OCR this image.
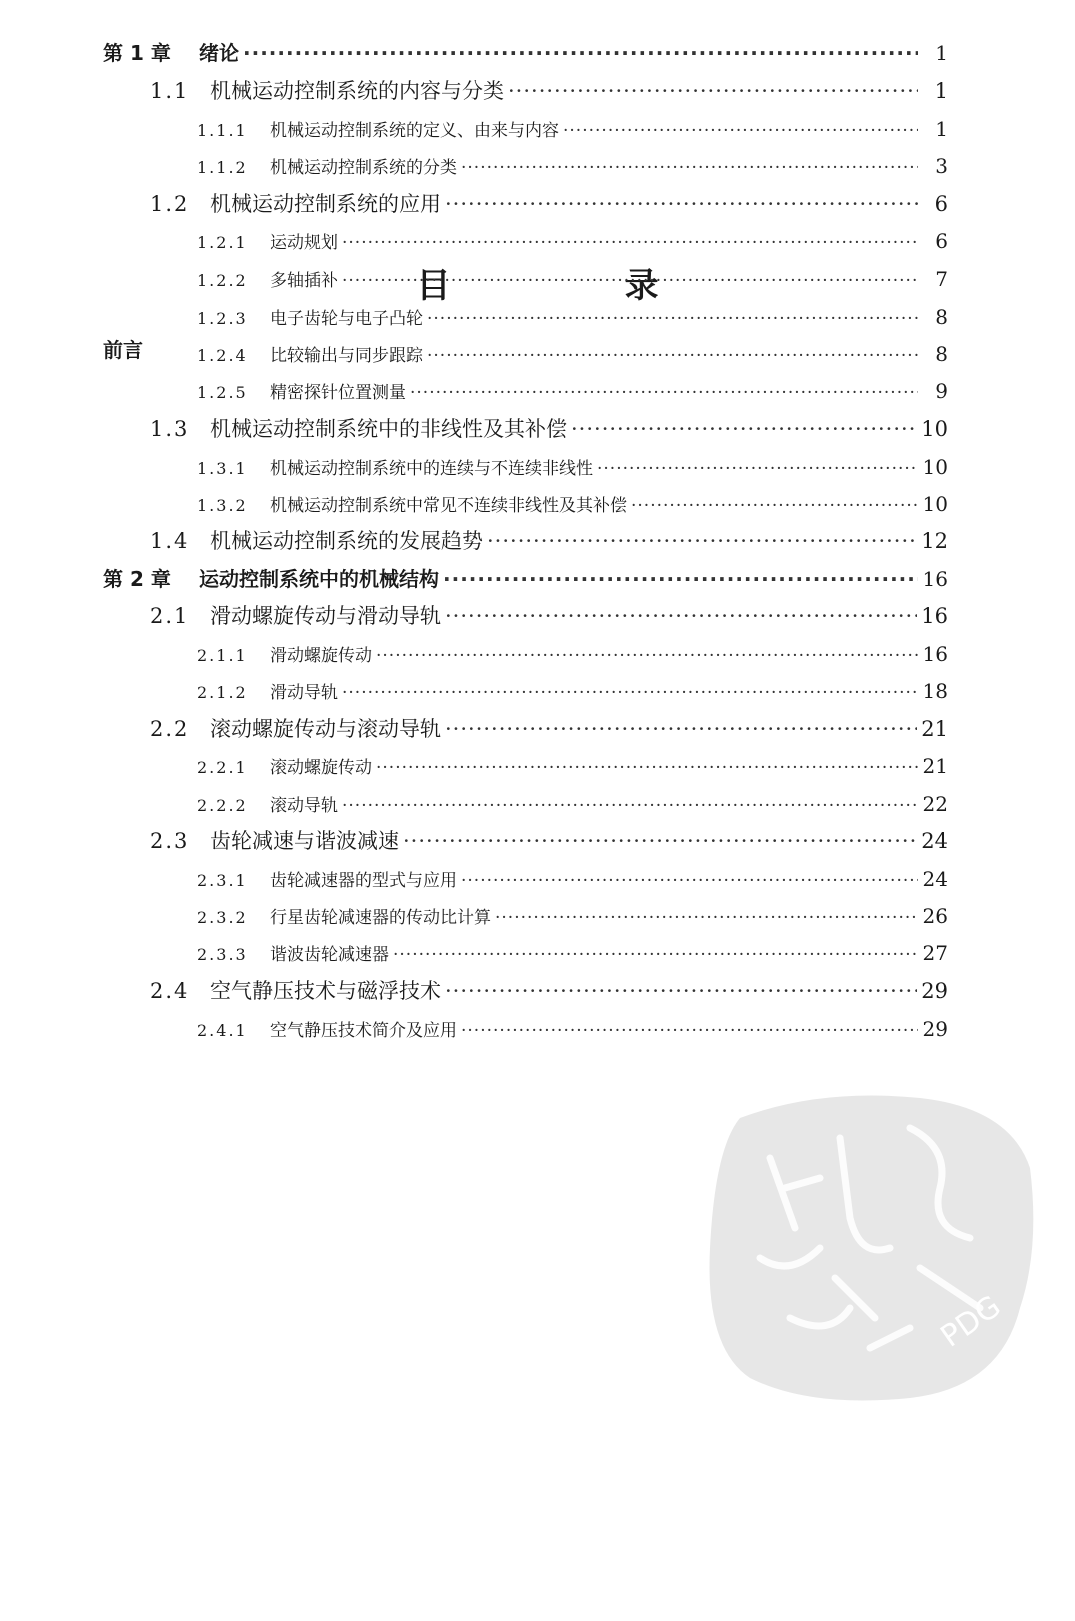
目　录
前言
第 1 章	绪论 ·····	1
1.1 机械运动控制系统的内容与分类 ·····	1
1.1.1	机械运动控制系统的定义、由来与内容 ·····	1
1.1.2	机械运动控制系统的分类 ·····	3
1.2 机械运动控制系统的应用 ·····	6
1.2.1	运动规划 ·····	6
1.2.2	多轴插补 ·····	7
1.2.3	电子齿轮与电子凸轮 ·····	8
1.2.4	比较输出与同步跟踪 ·····	8
1.2.5	精密探针位置测量 ·····	9
1.3 机械运动控制系统中的非线性及其补偿 ·····	10
1.3.1	机械运动控制系统中的连续与不连续非线性 ·····	10
1.3.2	机械运动控制系统中常见不连续非线性及其补偿 ·····	10
1.4 机械运动控制系统的发展趋势 ·····	12
第 2 章	运动控制系统中的机械结构 ·····	16
2.1 滑动螺旋传动与滑动导轨 ·····	16
2.1.1	滑动螺旋传动 ·····	16
2.1.2	滑动导轨 ·····	18
2.2 滚动螺旋传动与滚动导轨 ·····	21
2.2.1	滚动螺旋传动 ·····	21
2.2.2	滚动导轨 ·····	22
2.3 齿轮减速与谐波减速 ·····	24
2.3.1	齿轮减速器的型式与应用 ·····	24
2.3.2	行星齿轮减速器的传动比计算 ·····	26
2.3.3	谐波齿轮减速器 ·····	27
2.4 空气静压技术与磁浮技术 ·····	29
2.4.1	空气静压技术简介及应用 ·····	29
PDG
